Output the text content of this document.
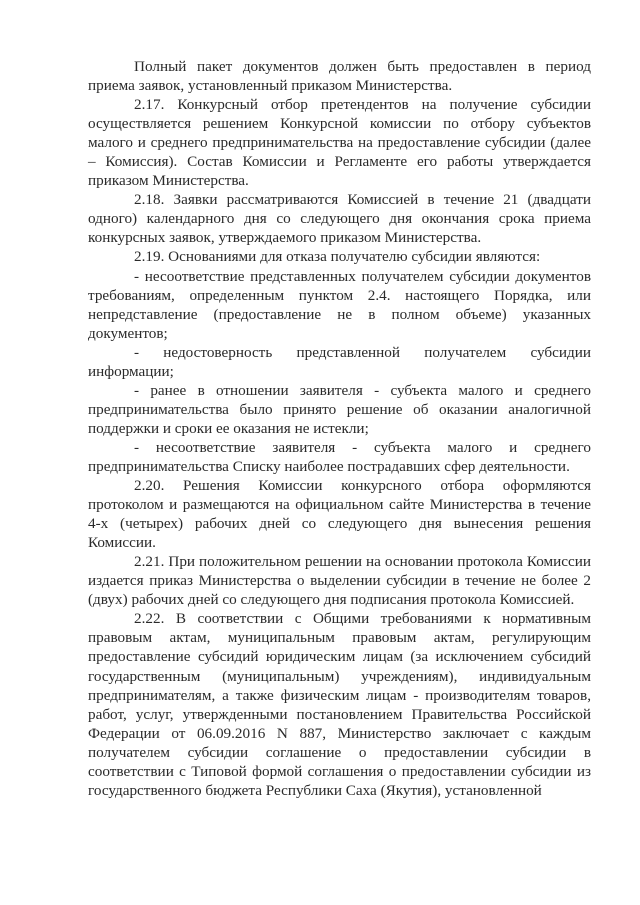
Полный пакет документов должен быть предоставлен в период приема заявок, установленный приказом Министерства.

2.17. Конкурсный отбор претендентов на получение субсидии осуществляется решением Конкурсной комиссии по отбору субъектов малого и среднего предпринимательства на предоставление субсидии (далее – Комиссия). Состав Комиссии и Регламенте его работы утверждается приказом Министерства.

2.18. Заявки рассматриваются Комиссией в течение 21 (двадцати одного) календарного дня со следующего дня окончания срока приема конкурсных заявок, утверждаемого приказом Министерства.

2.19. Основаниями для отказа получателю субсидии являются:

- несоответствие представленных получателем субсидии документов требованиям, определенным пунктом 2.4. настоящего Порядка, или непредставление (предоставление не в полном объеме) указанных документов;

- недостоверность представленной получателем субсидии информации;

- ранее в отношении заявителя - субъекта малого и среднего предпринимательства было принято решение об оказании аналогичной поддержки и сроки ее оказания не истекли;

- несоответствие заявителя - субъекта малого и среднего предпринимательства Списку наиболее пострадавших сфер деятельности.

2.20. Решения Комиссии конкурсного отбора оформляются протоколом и размещаются на официальном сайте Министерства в течение 4-х (четырех) рабочих дней со следующего дня вынесения решения Комиссии.

2.21. При положительном решении на основании протокола Комиссии издается приказ Министерства о выделении субсидии в течение не более 2 (двух) рабочих дней со следующего дня подписания протокола Комиссией.

2.22. В соответствии с Общими требованиями к нормативным правовым актам, муниципальным правовым актам, регулирующим предоставление субсидий юридическим лицам (за исключением субсидий государственным (муниципальным) учреждениям), индивидуальным предпринимателям, а также физическим лицам - производителям товаров, работ, услуг, утвержденными постановлением Правительства Российской Федерации от 06.09.2016 N 887, Министерство заключает с каждым получателем субсидии соглашение о предоставлении субсидии в соответствии с Типовой формой соглашения о предоставлении субсидии из государственного бюджета Республики Саха (Якутия), установленной
